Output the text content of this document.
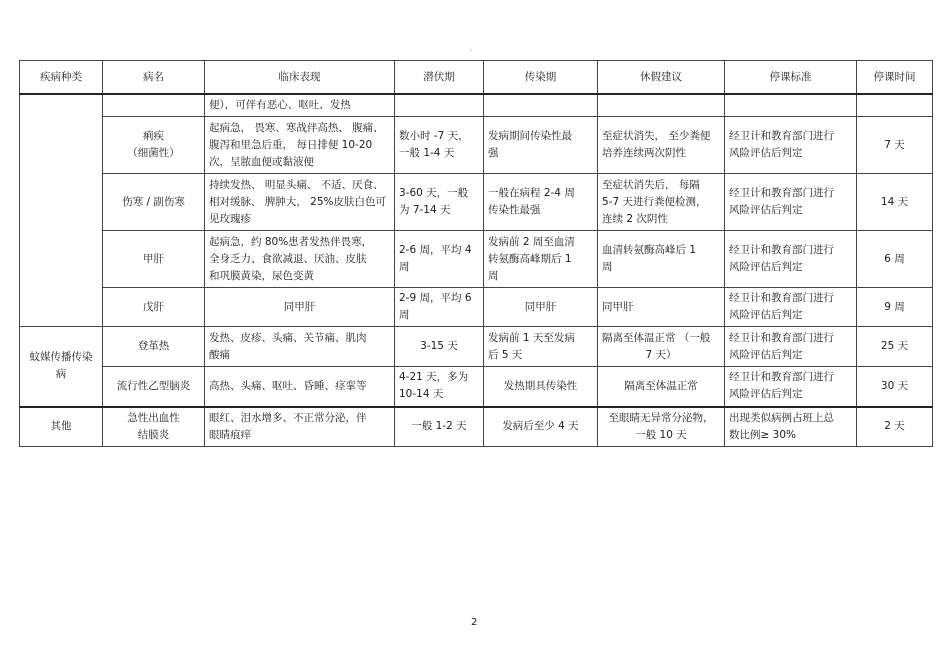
·
疾病种类	病名	临床表现	潜伏期	传染期	休假建议	停课标准	停课时间

		便），可伴有恶心、呕吐、发热					

	痢疾
（细菌性）	起病急， 畏寒、寒战伴高热、 腹痛、
腹泻和里急后重， 每日排便 10-20
次，呈脓血便或黏液便	数小时 -7 天，
一般 1-4 天	发病期间传染性最
强	至症状消失， 至少粪便
培养连续两次阴性	经卫计和教育部门进行
风险评估后判定	7 天

	伤寒 / 副伤寒	持续发热、 明显头痛、 不适、厌食、
相对缓脉、 脾肿大， 25%皮肤白色可
见玫瑰疹	3-60 天，一般
为 7-14 天	一般在病程 2-4 周
传染性最强	至症状消失后， 每隔
5-7 天进行粪便检测，
连续 2 次阴性	经卫计和教育部门进行
风险评估后判定	14 天

	甲肝	起病急，约 80%患者发热伴畏寒，
全身乏力、食欲减退、厌油、皮肤
和巩膜黄染，尿色变黄	2-6 周，平均 4
周	发病前 2 周至血清
转氨酶高峰期后 1
周	血清转氨酶高峰后 1
周	经卫计和教育部门进行
风险评估后判定	6 周

	戊肝	同甲肝	2-9 周，平均 6
周	同甲肝	同甲肝	经卫计和教育部门进行
风险评估后判定	9 周

蚊媒传播传染
病	登革热	发热、皮疹、头痛、关节痛、肌肉
酸痛	3-15 天	发病前 1 天至发病
后 5 天	隔离至体温正常 （一般
7 天）	经卫计和教育部门进行
风险评估后判定	25 天

	流行性乙型脑炎	高热、头痛、呕吐、昏睡、痉挛等	4-21 天，多为
10-14 天	发热期具传染性	隔离至体温正常	经卫计和教育部门进行
风险评估后判定	30 天
其他	急性出血性
结膜炎	眼红、泪水增多、不正常分泌，伴
眼睛痕痒	一般 1-2 天	发病后至少 4 天	至眼睛无异常分泌物，
一般 10 天	出现类似病例占班上总
数比例≥ 30%	2 天
2
